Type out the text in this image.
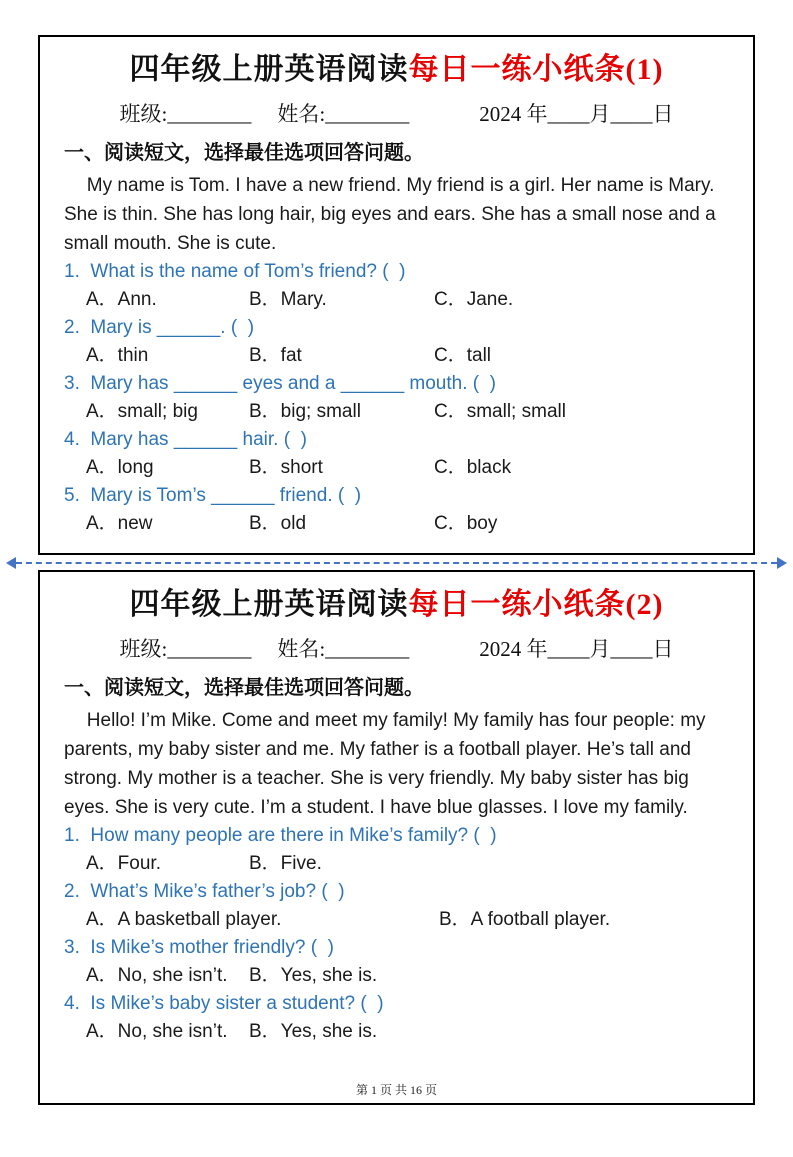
四年级上册英语阅读每日一练小纸条(1)
班级:________ 姓名:________	2024 年____月____日
一、阅读短文，选择最佳选项回答问题。

My name is Tom. I have a new friend. My friend is a girl. Her name is Mary. She is thin. She has long hair, big eyes and ears. She has a small nose and a small mouth. She is cute.

1.  What is the name of Tom’s friend? (  )
A．Ann.	B．Mary.	C．Jane.
2.  Mary is ______. (  )
A．thin	B．fat	C．tall
3.  Mary has ______ eyes and a ______ mouth. (  )
A．small; big	B．big; small	C．small; small
4.  Mary has ______ hair. (  )
A．long	B．short	C．black
5.  Mary is Tom’s ______ friend. (  )
A．new	B．old	C．boy
四年级上册英语阅读每日一练小纸条(2)
班级:________ 姓名:________	2024 年____月____日
一、阅读短文，选择最佳选项回答问题。

Hello! I’m Mike. Come and meet my family! My family has four people: my parents, my baby sister and me. My father is a football player. He’s tall and strong. My mother is a teacher. She is very friendly. My baby sister has big eyes. She is very cute. I’m a student. I have blue glasses. I love my family.

1.  How many people are there in Mike’s family? (  )
A．Four.	B．Five.
2.  What’s Mike’s father’s job? (  )
A．A basketball player.	B．A football player.
3.  Is Mike’s mother friendly? (  )
A．No, she isn’t.	B．Yes, she is.
4.  Is Mike’s baby sister a student? (  )
A．No, she isn’t.	B．Yes, she is.
第 1 页 共 16 页
